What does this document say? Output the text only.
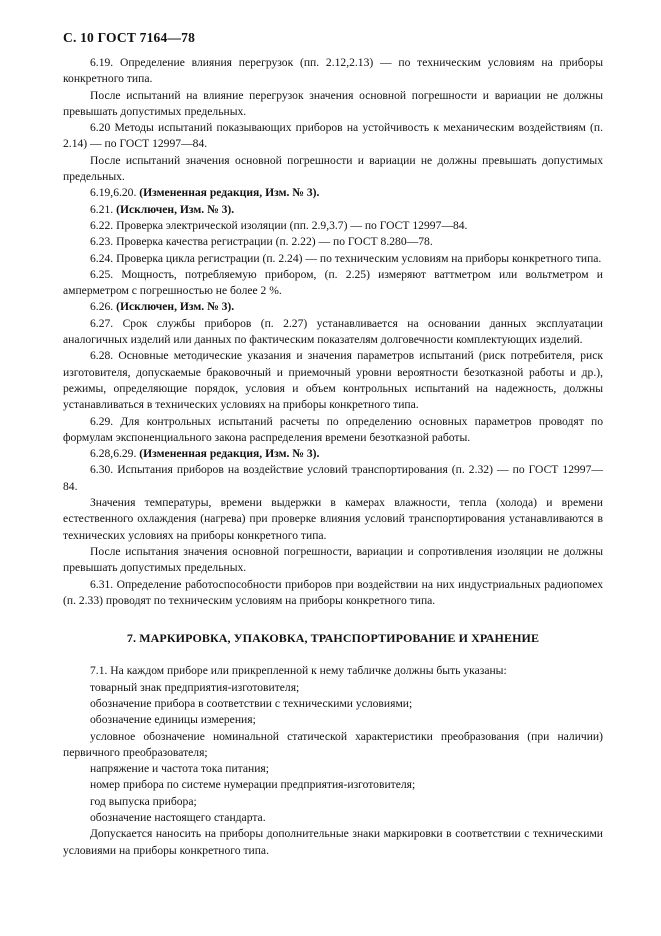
С. 10 ГОСТ 7164—78

6.19. Определение влияния перегрузок (пп. 2.12,2.13) — по техническим условиям на приборы конкретного типа.

После испытаний на влияние перегрузок значения основной погрешности и вариации не должны превышать допустимых предельных.

6.20 Методы испытаний показывающих приборов на устойчивость к механическим воздействиям (п. 2.14) — по ГОСТ 12997—84.

После испытаний значения основной погрешности и вариации не должны превышать допустимых предельных.

6.19,6.20. (Измененная редакция, Изм. № 3).

6.21. (Исключен, Изм. № 3).

6.22. Проверка электрической изоляции (пп. 2.9,3.7) — по ГОСТ 12997—84.

6.23. Проверка качества регистрации (п. 2.22) — по ГОСТ 8.280—78.

6.24. Проверка цикла регистрации (п. 2.24) — по техническим условиям на приборы конкретного типа.

6.25. Мощность, потребляемую прибором, (п. 2.25) измеряют ваттметром или вольтметром и амперметром с погрешностью не более 2 %.

6.26. (Исключен, Изм. № 3).

6.27. Срок службы приборов (п. 2.27) устанавливается на основании данных эксплуатации аналогичных изделий или данных по фактическим показателям долговечности комплектующих изделий.

6.28. Основные методические указания и значения параметров испытаний (риск потребителя, риск изготовителя, допускаемые браковочный и приемочный уровни вероятности безотказной работы и др.), режимы, определяющие порядок, условия и объем контрольных испытаний на надежность, должны устанавливаться в технических условиях на приборы конкретного типа.

6.29. Для контрольных испытаний расчеты по определению основных параметров проводят по формулам экспоненциального закона распределения времени безотказной работы.

6.28,6.29. (Измененная редакция, Изм. № 3).

6.30. Испытания приборов на воздействие условий транспортирования (п. 2.32) — по ГОСТ 12997—84.

Значения температуры, времени выдержки в камерах влажности, тепла (холода) и времени естественного охлаждения (нагрева) при проверке влияния условий транспортирования устанавливаются в технических условиях на приборы конкретного типа.

После испытания значения основной погрешности, вариации и сопротивления изоляции не должны превышать допустимых предельных.

6.31. Определение работоспособности приборов при воздействии на них индустриальных радиопомех (п. 2.33) проводят по техническим условиям на приборы конкретного типа.

7. МАРКИРОВКА, УПАКОВКА, ТРАНСПОРТИРОВАНИЕ И ХРАНЕНИЕ

7.1. На каждом приборе или прикрепленной к нему табличке должны быть указаны:

товарный знак предприятия-изготовителя;

обозначение прибора в соответствии с техническими условиями;

обозначение единицы измерения;

условное обозначение номинальной статической характеристики преобразования (при наличии) первичного преобразователя;

напряжение и частота тока питания;

номер прибора по системе нумерации предприятия-изготовителя;

год выпуска прибора;

обозначение настоящего стандарта.

Допускается наносить на приборы дополнительные знаки маркировки в соответствии с техническими условиями на приборы конкретного типа.
